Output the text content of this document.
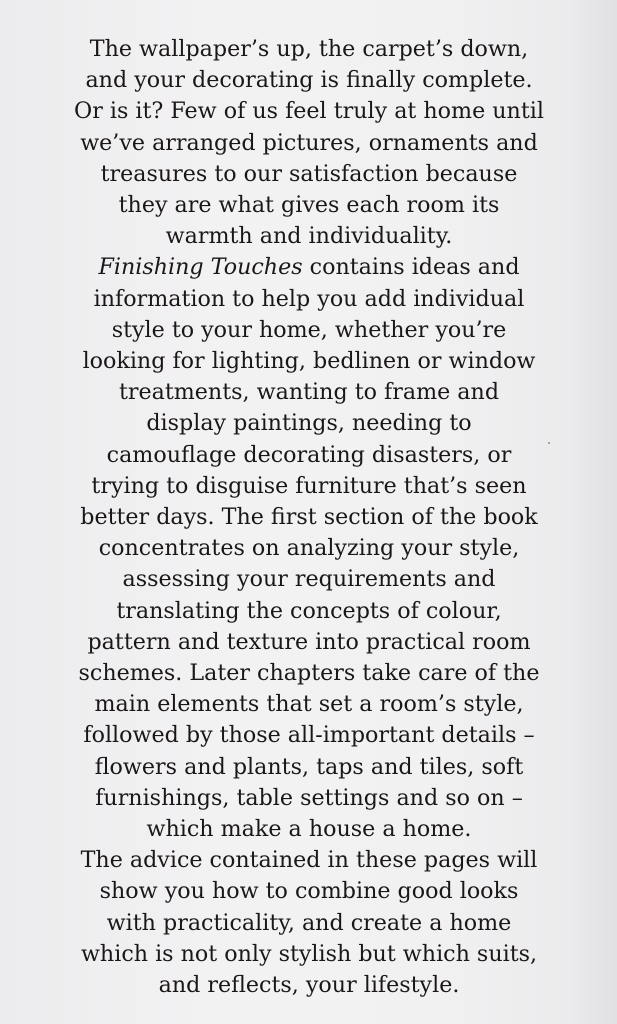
The wallpaper’s up, the carpet’s down,
and your decorating is finally complete.
Or is it? Few of us feel truly at home until
we’ve arranged pictures, ornaments and
treasures to our satisfaction because
they are what gives each room its
warmth and individuality.
Finishing Touches contains ideas and
information to help you add individual
style to your home, whether you’re
looking for lighting, bedlinen or window
treatments, wanting to frame and
display paintings, needing to
camouflage decorating disasters, or
trying to disguise furniture that’s seen
better days. The first section of the book
concentrates on analyzing your style,
assessing your requirements and
translating the concepts of colour,
pattern and texture into practical room
schemes. Later chapters take care of the
main elements that set a room’s style,
followed by those all-important details –
flowers and plants, taps and tiles, soft
furnishings, table settings and so on –
which make a house a home.
The advice contained in these pages will
show you how to combine good looks
with practicality, and create a home
which is not only stylish but which suits,
and reflects, your lifestyle.
